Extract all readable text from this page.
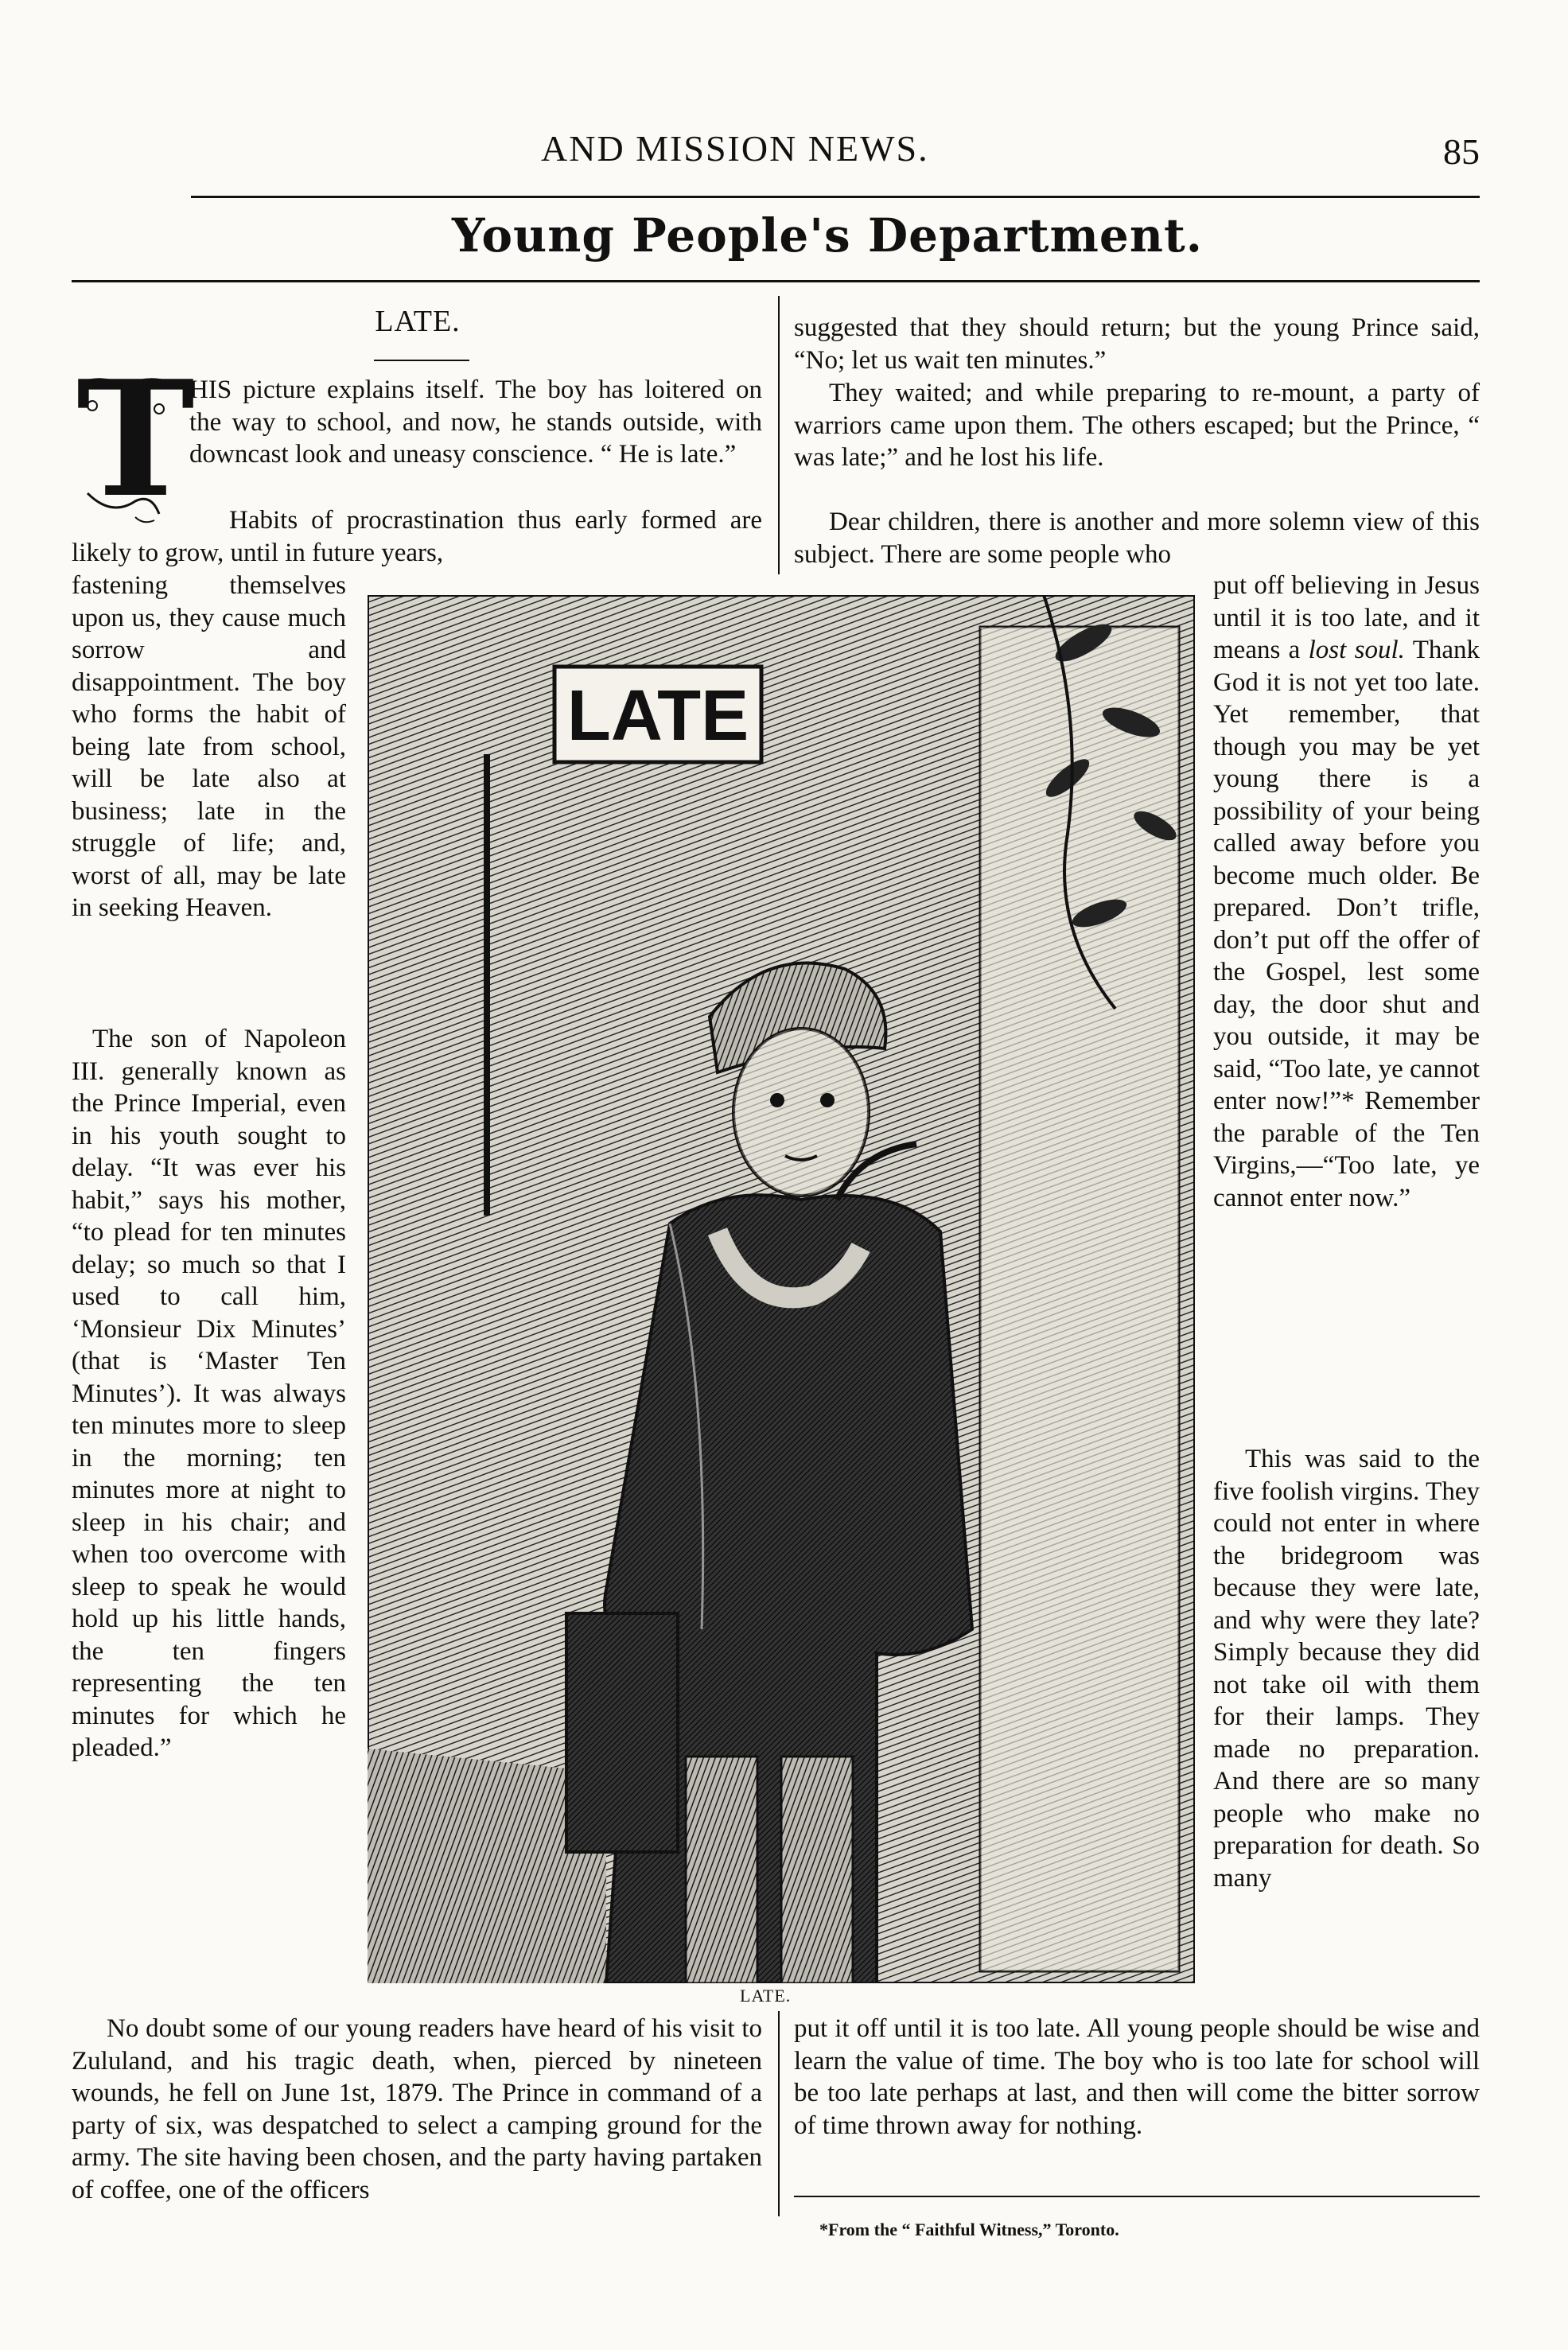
AND MISSION NEWS.	85
Young People's Department.
LATE.
T

HIS picture explains itself. The boy has loitered on the way to school, and now, he stands outside, with downcast look and uneasy conscience. “ He is late.”

Habits of procrastination thus early formed are likely to grow, until in future years,

fastening themselves upon us, they cause much sorrow and disappointment. The boy who forms the habit of being late from school, will be late also at business; late in the struggle of life; and, worst of all, may be late in seeking Heaven.

The son of Napoleon III. generally known as the Prince Imperial, even in his youth sought to delay. “It was ever his habit,” says his mother, “to plead for ten minutes delay; so much so that I used to call him, ‘Monsieur Dix Minutes’ (that is ‘Master Ten Minutes’). It was always ten minutes more to sleep in the morning; ten minutes more at night to sleep in his chair; and when too overcome with sleep to speak he would hold up his little hands, the ten fingers representing the ten minutes for which he pleaded.”

No doubt some of our young readers have heard of his visit to Zululand, and his tragic death, when, pierced by nineteen wounds, he fell on June 1st, 1879. The Prince in command of a party of six, was despatched to select a camping ground for the army. The site having been chosen, and the party having partaken of coffee, one of the officers

suggested that they should return; but the young Prince said, “No; let us wait ten minutes.”

They waited; and while preparing to re-mount, a party of warriors came upon them. The others escaped; but the Prince, “ was late;” and he lost his life.

Dear children, there is another and more solemn view of this subject. There are some people who

put off believing in Jesus until it is too late, and it means a lost soul. Thank God it is not yet too late. Yet remember, that though you may be yet young there is a possibility of your being called away before you become much older. Be prepared. Don’t trifle, don’t put off the offer of the Gospel, lest some day, the door shut and you outside, it may be said, “Too late, ye cannot enter now!”* Remember the parable of the Ten Virgins,—“Too late, ye cannot enter now.”

This was said to the five foolish virgins. They could not enter in where the bridegroom was because they were late, and why were they late? Simply because they did not take oil with them for their lamps. They made no preparation. And there are so many people who make no preparation for death. So many

put it off until it is too late. All young people should be wise and learn the value of time. The boy who is too late for school will be too late perhaps at last, and then will come the bitter sorrow of time thrown away for nothing.

*From the “ Faithful Witness,” Toronto.
LATE
LATE.
